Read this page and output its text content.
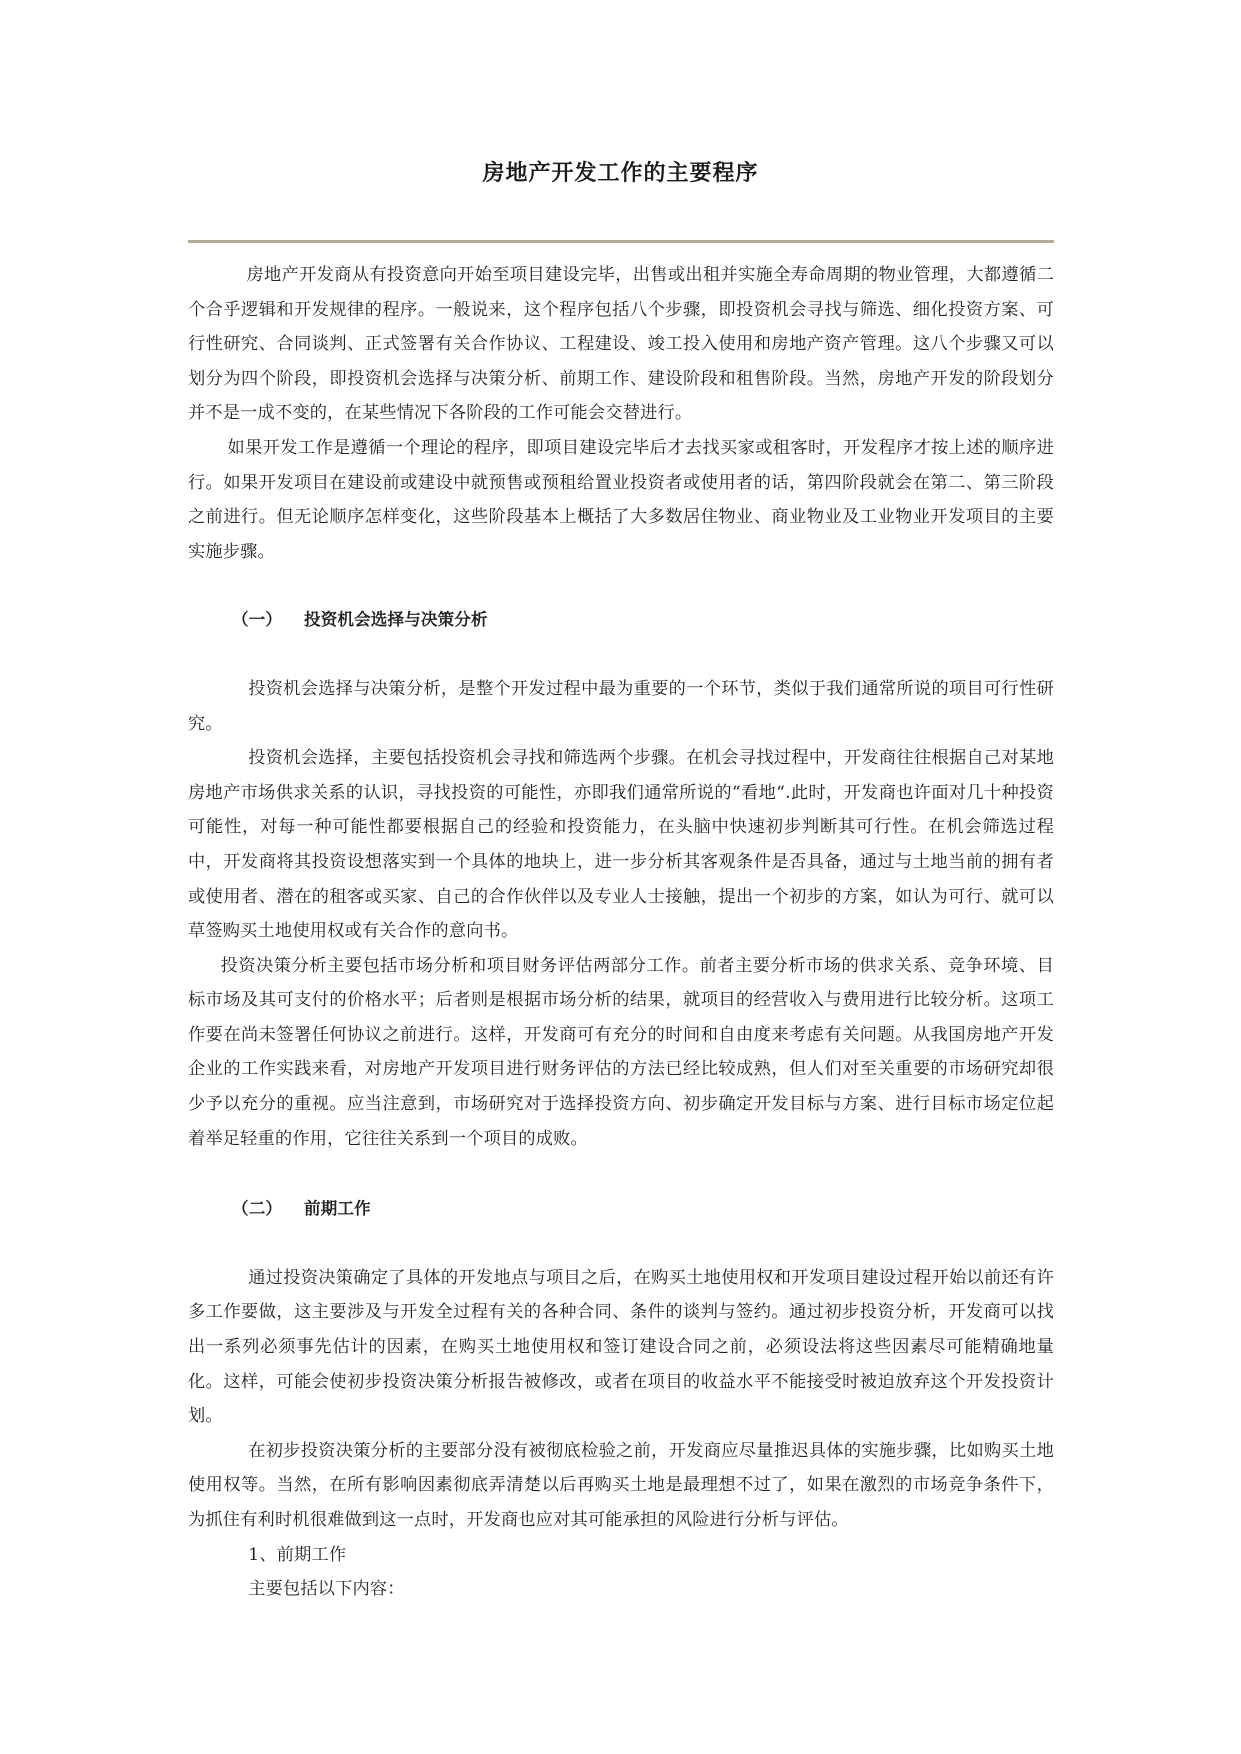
房地产开发工作的主要程序

房地产开发商从有投资意向开始至项目建设完毕，出售或出租并实施全寿命周期的物业管理，大都遵循二个合乎逻辑和开发规律的程序。一般说来，这个程序包括八个步骤，即投资机会寻找与筛选、细化投资方案、可行性研究、合同谈判、正式签署有关合作协议、工程建设、竣工投入使用和房地产资产管理。这八个步骤又可以划分为四个阶段，即投资机会选择与决策分析、前期工作、建设阶段和租售阶段。当然，房地产开发的阶段划分并不是一成不变的，在某些情况下各阶段的工作可能会交替进行。

如果开发工作是遵循一个理论的程序，即项目建设完毕后才去找买家或租客时，开发程序才按上述的顺序进行。如果开发项目在建设前或建设中就预售或预租给置业投资者或使用者的话，第四阶段就会在第二、第三阶段之前进行。但无论顺序怎样变化，这些阶段基本上概括了大多数居住物业、商业物业及工业物业开发项目的主要实施步骤。

（一） 投资机会选择与决策分析

投资机会选择与决策分析，是整个开发过程中最为重要的一个环节，类似于我们通常所说的项目可行性研究。

投资机会选择，主要包括投资机会寻找和筛选两个步骤。在机会寻找过程中，开发商往往根据自己对某地房地产市场供求关系的认识，寻找投资的可能性，亦即我们通常所说的“看地“.此时，开发商也许面对几十种投资可能性，对每一种可能性都要根据自己的经验和投资能力，在头脑中快速初步判断其可行性。在机会筛选过程中，开发商将其投资设想落实到一个具体的地块上，进一步分析其客观条件是否具备，通过与土地当前的拥有者或使用者、潜在的租客或买家、自己的合作伙伴以及专业人士接触，提出一个初步的方案，如认为可行、就可以草签购买土地使用权或有关合作的意向书。

投资决策分析主要包括市场分析和项目财务评估两部分工作。前者主要分析市场的供求关系、竞争环境、目标市场及其可支付的价格水平；后者则是根据市场分析的结果，就项目的经营收入与费用进行比较分析。这项工作要在尚未签署任何协议之前进行。这样，开发商可有充分的时间和自由度来考虑有关问题。从我国房地产开发企业的工作实践来看，对房地产开发项目进行财务评估的方法已经比较成熟，但人们对至关重要的市场研究却很少予以充分的重视。应当注意到，市场研究对于选择投资方向、初步确定开发目标与方案、进行目标市场定位起着举足轻重的作用，它往往关系到一个项目的成败。

（二） 前期工作

通过投资决策确定了具体的开发地点与项目之后，在购买土地使用权和开发项目建设过程开始以前还有许多工作要做，这主要涉及与开发全过程有关的各种合同、条件的谈判与签约。通过初步投资分析，开发商可以找出一系列必须事先估计的因素，在购买土地使用权和签订建设合同之前，必须设法将这些因素尽可能精确地量化。这样，可能会使初步投资决策分析报告被修改，或者在项目的收益水平不能接受时被迫放弃这个开发投资计划。

在初步投资决策分析的主要部分没有被彻底检验之前，开发商应尽量推迟具体的实施步骤，比如购买土地使用权等。当然，在所有影响因素彻底弄清楚以后再购买土地是最理想不过了，如果在激烈的市场竞争条件下，为抓住有利时机很难做到这一点时，开发商也应对其可能承担的风险进行分析与评估。

1、前期工作

主要包括以下内容：
